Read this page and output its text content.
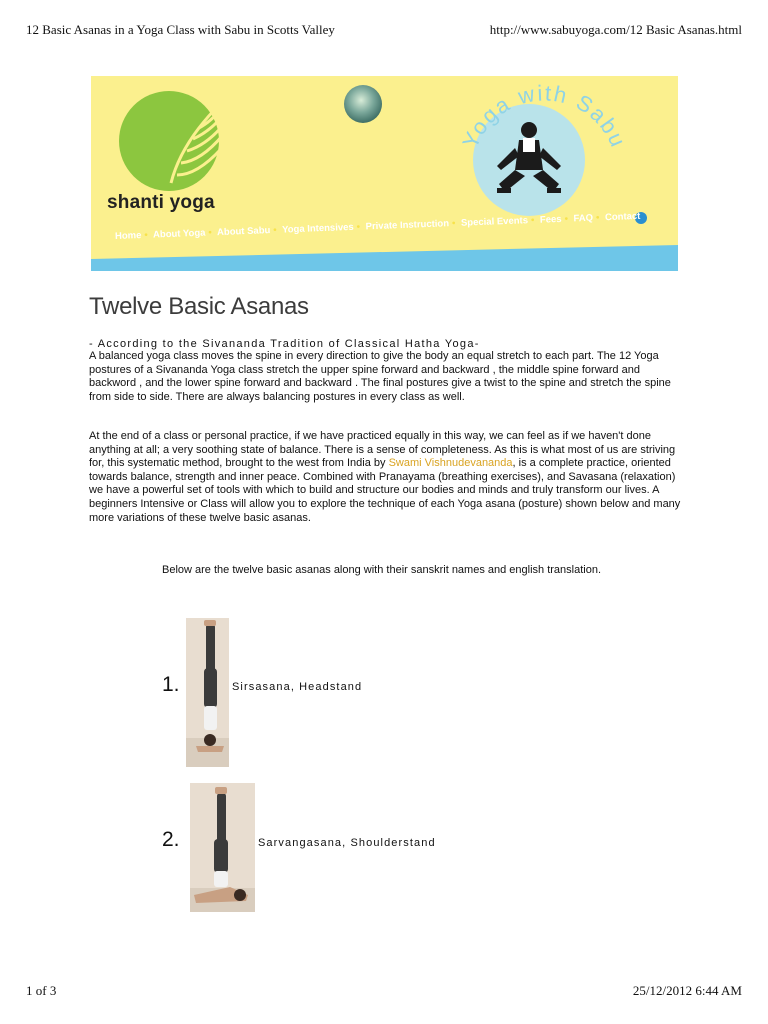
12 Basic Asanas in a Yoga Class with Sabu in Scotts Valley	http://www.sabuyoga.com/12 Basic Asanas.html
shanti yoga
Yoga with Sabu
Home • About Yoga • About Sabu • Yoga Intensives • Private Instruction • Special Events • Fees • FAQ • Contact
Twelve Basic Asanas
- According to the Sivananda Tradition of Classical Hatha Yoga-
A balanced yoga class moves the spine in every direction to give the body an equal stretch to each part. The 12 Yoga postures of a Sivananda Yoga class stretch the upper spine forward and backward , the middle spine forward and backword , and the lower spine forward and backward . The final postures give a twist to the spine and stretch the spine from side to side. There are always balancing postures in every class as well.
At the end of a class or personal practice, if we have practiced equally in this way, we can feel as if we haven't done anything at all; a very soothing state of balance. There is a sense of completeness. As this is what most of us are striving for, this systematic method, brought to the west from India by Swami Vishnudevananda, is a complete practice, oriented towards balance, strength and inner peace. Combined with Pranayama (breathing exercises), and Savasana (relaxation) we have a powerful set of tools with which to build and structure our bodies and minds and truly transform our lives. A beginners Intensive or Class will allow you to explore the technique of each Yoga asana (posture) shown below and many more variations of these twelve basic asanas.
Below are the twelve basic asanas along with their sanskrit names and english translation.
1.	Sirsasana, Headstand
2.	Sarvangasana, Shoulderstand
1 of 3	25/12/2012 6:44 AM
